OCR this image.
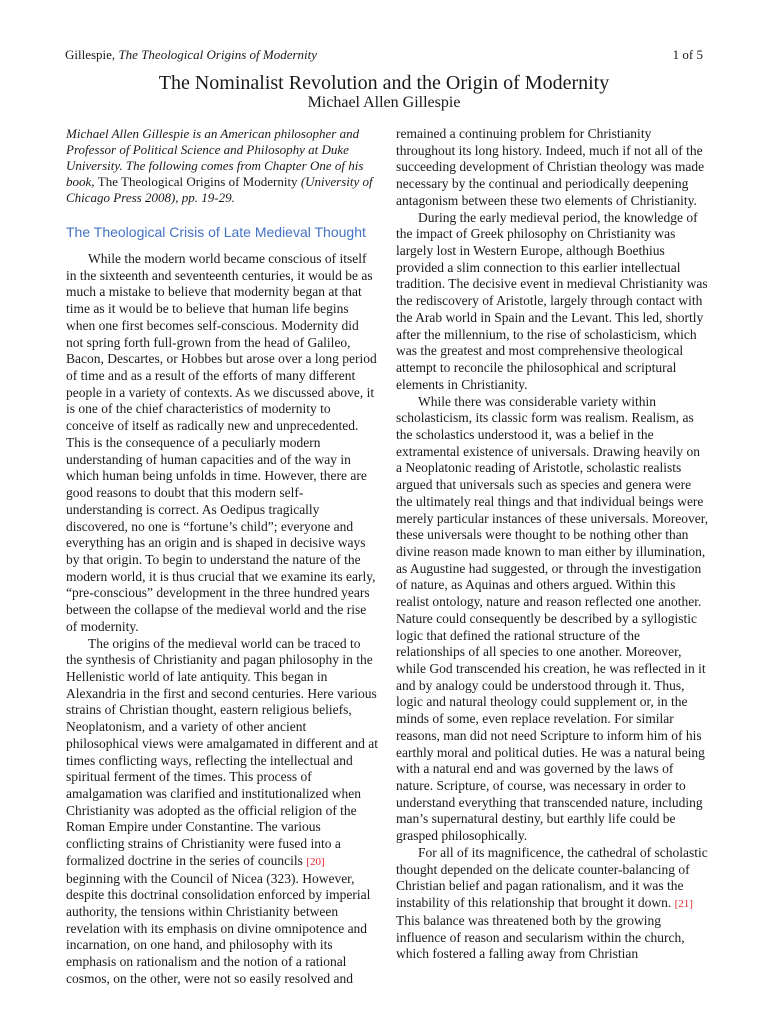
Gillespie, The Theological Origins of Modernity	1 of 5
The Nominalist Revolution and the Origin of Modernity
Michael Allen Gillespie

Michael Allen Gillespie is an American philosopher and Professor of Political Science and Philosophy at Duke University. The following comes from Chapter One of his book, The Theological Origins of Modernity (University of Chicago Press 2008), pp. 19-29.

The Theological Crisis of Late Medieval Thought

While the modern world became conscious of itself in the sixteenth and seventeenth centuries, it would be as much a mistake to believe that modernity began at that time as it would be to believe that human life begins when one first becomes self-conscious. Modernity did not spring forth full-grown from the head of Galileo, Bacon, Descartes, or Hobbes but arose over a long period of time and as a result of the efforts of many different people in a variety of contexts. As we discussed above, it is one of the chief characteristics of modernity to conceive of itself as radically new and unprecedented. This is the consequence of a peculiarly modern understanding of human capacities and of the way in which human being unfolds in time. However, there are good reasons to doubt that this modern self-understanding is correct. As Oedipus tragically discovered, no one is “fortune’s child”; everyone and everything has an origin and is shaped in decisive ways by that origin. To begin to understand the nature of the modern world, it is thus crucial that we examine its early, “pre-conscious” development in the three hundred years between the collapse of the medieval world and the rise of modernity.

The origins of the medieval world can be traced to the synthesis of Christianity and pagan philosophy in the Hellenistic world of late antiquity. This began in Alexandria in the first and second centuries. Here various strains of Christian thought, eastern religious beliefs, Neoplatonism, and a variety of other ancient philosophical views were amalgamated in different and at times conflicting ways, reflecting the intellectual and spiritual ferment of the times. This process of amalgamation was clarified and institutionalized when Christianity was adopted as the official religion of the Roman Empire under Constantine. The various conflicting strains of Christianity were fused into a formalized doctrine in the series of councils [20] beginning with the Council of Nicea (323). However, despite this doctrinal consolidation enforced by imperial authority, the tensions within Christianity between revelation with its emphasis on divine omnipotence and incarnation, on one hand, and philosophy with its emphasis on rationalism and the notion of a rational cosmos, on the other, were not so easily resolved and

remained a continuing problem for Christianity throughout its long history. Indeed, much if not all of the succeeding development of Christian theology was made necessary by the continual and periodically deepening antagonism between these two elements of Christianity.

During the early medieval period, the knowledge of the impact of Greek philosophy on Christianity was largely lost in Western Europe, although Boethius provided a slim connection to this earlier intellectual tradition. The decisive event in medieval Christianity was the rediscovery of Aristotle, largely through contact with the Arab world in Spain and the Levant. This led, shortly after the millennium, to the rise of scholasticism, which was the greatest and most comprehensive theological attempt to reconcile the philosophical and scriptural elements in Christianity.

While there was considerable variety within scholasticism, its classic form was realism. Realism, as the scholastics understood it, was a belief in the extramental existence of universals. Drawing heavily on a Neoplatonic reading of Aristotle, scholastic realists argued that universals such as species and genera were the ultimately real things and that individual beings were merely particular instances of these universals. Moreover, these universals were thought to be nothing other than divine reason made known to man either by illumination, as Augustine had suggested, or through the investigation of nature, as Aquinas and others argued. Within this realist ontology, nature and reason reflected one another. Nature could consequently be described by a syllogistic logic that defined the rational structure of the relationships of all species to one another. Moreover, while God transcended his creation, he was reflected in it and by analogy could be understood through it. Thus, logic and natural theology could supplement or, in the minds of some, even replace revelation. For similar reasons, man did not need Scripture to inform him of his earthly moral and political duties. He was a natural being with a natural end and was governed by the laws of nature. Scripture, of course, was necessary in order to understand everything that transcended nature, including man’s supernatural destiny, but earthly life could be grasped philosophically.

For all of its magnificence, the cathedral of scholastic thought depended on the delicate counter-balancing of Christian belief and pagan rationalism, and it was the instability of this relationship that brought it down. [21] This balance was threatened both by the growing influence of reason and secularism within the church, which fostered a falling away from Christian
